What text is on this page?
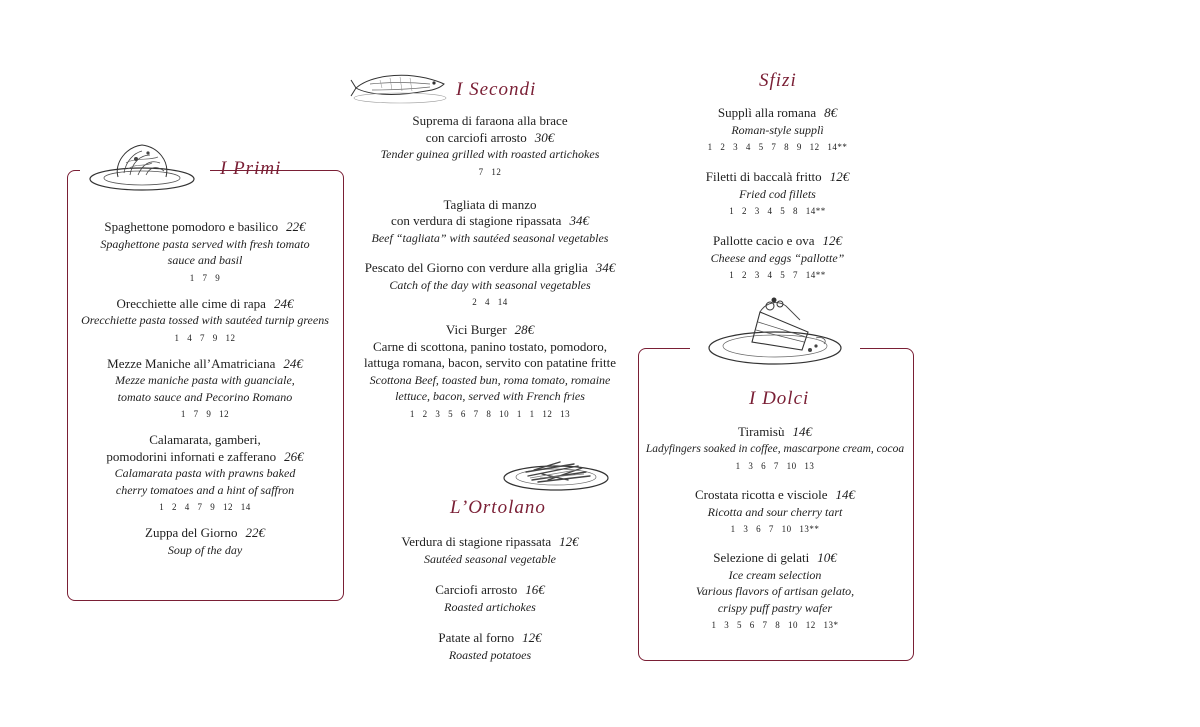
I Primi
Spaghettone pomodoro e basilico 22€
Spaghettone pasta served with fresh tomato sauce and basil
1 7 9
Orecchiette alle cime di rapa 24€
Orecchiette pasta tossed with sautéed turnip greens
1 4 7 9 12
Mezze Maniche all’Amatriciana 24€
Mezze maniche pasta with guanciale, tomato sauce and Pecorino Romano
1 7 9 12
Calamarata, gamberi,
pomodorini infornati e zafferano 26€
Calamarata pasta with prawns baked cherry tomatoes and a hint of saffron
1 2 4 7 9 12 14
Zuppa del Giorno 22€
Soup of the day
I Secondi
Suprema di faraona alla brace
con carciofi arrosto 30€
Tender guinea grilled with roasted artichokes
7 12
Tagliata di manzo
con verdura di stagione ripassata 34€
Beef “tagliata” with sautéed seasonal vegetables
Pescato del Giorno con verdure alla griglia 34€
Catch of the day with seasonal vegetables
2 4 14
Vici Burger 28€
Carne di scottona, panino tostato, pomodoro, lattuga romana, bacon, servito con patatine fritte
Scottona Beef, toasted bun, roma tomato, romaine lettuce, bacon, served with French fries
1 2 3 5 6 7 8 10 1 1 12 13
L’Ortolano
Verdura di stagione ripassata 12€
Sautéed seasonal vegetable
Carciofi arrosto 16€
Roasted artichokes
Patate al forno 12€
Roasted potatoes
Sfizi
Supplì alla romana 8€
Roman-style supplì
1 2 3 4 5 7 8 9 12 14**
Filetti di baccalà fritto 12€
Fried cod fillets
1 2 3 4 5 8 14**
Pallotte cacio e ova 12€
Cheese and eggs “pallotte”
1 2 3 4 5 7 14**
I Dolci
Tiramisù 14€
Ladyfingers soaked in coffee, mascarpone cream, cocoa
1 3 6 7 10 13
Crostata ricotta e visciole 14€
Ricotta and sour cherry tart
1 3 6 7 10 13**
Selezione di gelati 10€
Ice cream selection
Various flavors of artisan gelato, crispy puff pastry wafer
1 3 5 6 7 8 10 12 13*
